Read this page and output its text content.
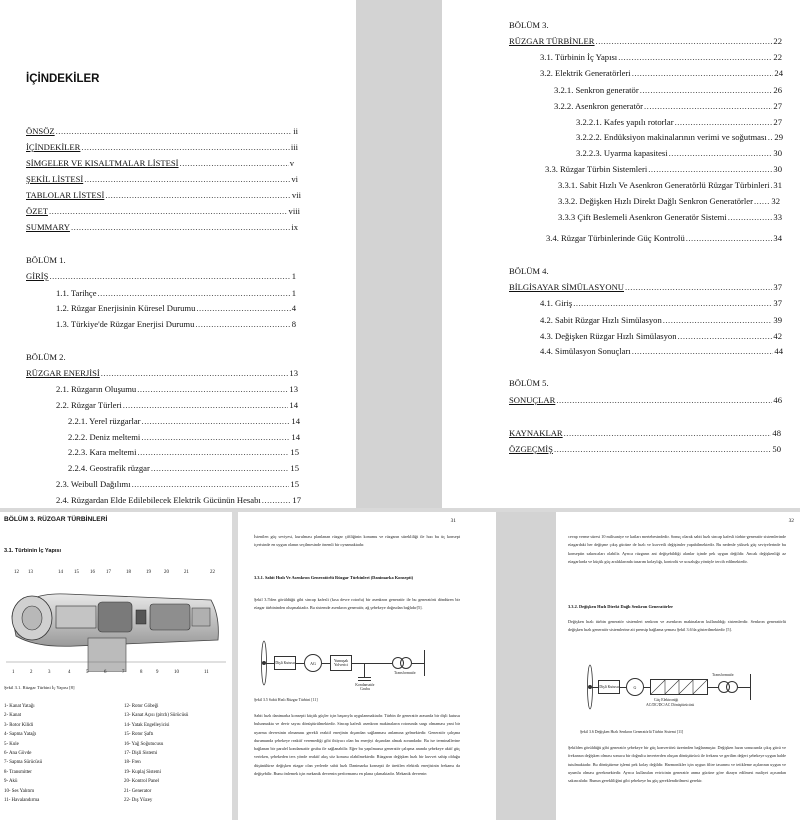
İÇİNDEKİLER
ÖNSÖZ .....	ii
İÇİNDEKİLER .....	iii
SİMGELER VE KISALTMALAR LİSTESİ .....	v
ŞEKİL LİSTESİ .....	vi
TABLOLAR LİSTESİ .....	vii
ÖZET .....	viii
SUMMARY .....	ix
BÖLÜM 1.
GİRİŞ .....	1
1.1. Tarihçe .....	1
1.2. Rüzgar Enerjisinin Küresel Durumu .....	4
1.3. Türkiye'de Rüzgar Enerjisi Durumu .....	8
BÖLÜM 2.
RÜZGAR ENERJİSİ .....	13
2.1. Rüzgarın Oluşumu .....	13
2.2. Rüzgar Türleri .....	14
2.2.1. Yerel rüzgarlar .....	14
2.2.2. Deniz meltemi .....	14
2.2.3. Kara meltemi .....	15
2.2.4. Geostrafik rüzgar .....	15
2.3. Weibull Dağılımı .....	15
2.4. Rüzgardan Elde Edilebilecek Elektrik Gücünün Hesabı .....	17
BÖLÜM 3.
RÜZGAR TÜRBİNLER .....	22
3.1. Türbinin İç Yapısı .....	22
3.2. Elektrik Generatörleri .....	24
3.2.1. Senkron generatör .....	26
3.2.2. Asenkron generatör .....	27
3.2.2.1. Kafes yapılı rotorlar .....	27
3.2.2.2. Endüksiyon makinalarının verimi ve soğutması ..... 29
3.2.2.3. Uyarma kapasitesi .....	30
3.3. Rüzgar Türbin Sistemleri .....	30
3.3.1. Sabit Hızlı Ve Asenkron Generatörlü Rüzgar Türbinleri ..... 31
3.3.2. Değişken Hızlı Direkt Dağlı Senkron Generatörler ..... 32
3.3.3 Çift Beslemeli Asenkron Generatör Sistemi .....	33
3.4. Rüzgar Türbinlerinde Güç Kontrolü .....	34
BÖLÜM 4.
BİLGİSAYAR SİMÜLASYONU .....	37
4.1. Giriş .....	37
4.2. Sabit Rüzgar Hızlı Simülasyon .....	39
4.3. Değişken Rüzgar Hızlı Simülasyon .....	42
4.4. Simülasyon Sonuçları .....	44
BÖLÜM 5.
SONUÇLAR .....	46
KAYNAKLAR .....	48
ÖZGEÇMİŞ .....	50
BÖLÜM 3. RÜZGAR TÜRBİNLERİ
3.1. Türbinin İç Yapısı
12 13	14 15 16 17	18	19	20	21	22
1	2	3	4	5	6	7	8	9	10	11
Şekil 3.1. Rüzgar Türbini İç Yapısı [8]
1- Kanat Yatağı
2- Kanat
3- Rotor Kilidi
4- Sapma Yatağı
5- Kule
6- Ana Gövde
7- Sapma Sürücüsü
8- Transmitter
9- Akü
10- Ses Yalıtım
11- Havalandırma
12- Rotor Göbeği
13- Kanat Açısı (pitch) Sürücüsü
14- Yatak Engelleyicisi
15- Rotor Şaftı
16- Yağ Soğutucusu
17- Dişli Sistemi
18- Fren
19- Kuplaj Sistemi
20- Kontrol Panel
21- Generator
22- Dış Yüzey
31
İstenilen güç seviyesi, kurulması planlanan rüzgar çiftliğinin konumu ve rüzgarın sürekliliği ile hızı bu üç konsept içerisinde en uygun olanın seçilmesinde önemli bir oynamaktadır.
3.3.1. Sabit Hızlı Ve Asenkron Generatörlü Rüzgar Türbinleri (Danimarka Konsepti)
Şekil 3.5'den görüldüğü gibi sincap kafesli (kısa devre rotorlu) bir asenkron generatör ile bu generatörü döndüren bir rüzgar türbininden oluşmaktadır. Bu sistemde asenkron generatör, ağ şebekeye doğrudan bağlıdır[5].
Dişli Kutusu	AG	Yumuşak Yolverici
Kondansatör Grubu
Transformatör
Şekil 3.5 Sabit Hızlı Rüzgar Türbini [11]
Sabit hızlı danimarka konsepti küçük güçler için başarıyla uygulanmaktadır. Türbin ile generatör arasında bir dişli kutusu bulunmakta ve devir sayısı dönüştürülmektedir. Sincap kafesli asenkron makinaların rotorunda sargı olmaması yani bir uyarma devresinin olmaması gerekli reaktif enerjinin dışarıdan sağlanması anlamına gelmektedir. Generatör çalışma durumunda şebekeye reaktif veremediği gibi ihtiyacı olan bu enerjiyi dışarıdan almak zorundadır. Bu ise terminallerine bağlanan bir paralel kondansatör grubu ile sağlanabilir. Eğer bu yapılmazsa generatör çalışma anında şebekeye aktif güç verirken, şebekeden ters yönde reaktif akış söz konusu olabilmektedir. Rüzgarın değişken hızlı bir kuvvet sahip olduğu düşünülürse değişken rüzgar olan yerlerde sabit hızlı Danimarka konsepti ile üretilen elektrik enerjisinin frekansı da değişebilir. Bunu önlemek için mekanik devrenin performansı en plana çıkmaktadır. Mekanik devrenin
32
cevap verme süresi 10 milisaniye ve katları mertebesindedir. Sonuç olarak sabit hızlı sincap kafesli türbin-generatör sistemlerinde rüzgardaki her değişme çıkış gücüne de hızlı ve kuvvetli değişimler yapabilmektedir. Bu nedenle yüksek güç seviyelerinde bu konseptin sakıncaları olabilir. Ayrıca rüzgarın ani değişebildiği alanlar içinde pek uygun değildir. Ancak değişkenliği az rüzgarlarda ve küçük güç aralıklarında tasarım kolaylığı, kontrolü ve ucuzluğu yönüyle tercih edilmektedir.
3.3.2. Değişken Hızlı Direkt Dağlı Senkron Generatörler
Değişken hızlı türbin generatör sistemleri senkron ve asenkron makinaların kullanıldığı sistemlerdir. Senkron generatörlü değişken hızlı generatör sistemlerine ait prensip bağlama şeması Şekil 3.6'da gösterilmektedir [5].
Dişli Kutusu	G
Güç Elektroniği
AC/DC/DC/AC Dönüştürücüsü
Transformatör
Şekil 3.6 Değişken Hızlı Senkron Generatörlü Türbin Sistemi [11]
Şekilden görüldüğü gibi generatör şebekeye bir güç konvertörü üzerinden bağlanmıştır. Değişken hızın sonucunda çıkış gücü ve frekansın değişken olması sonucu bir doğrultu inverterden oluşan dönüştürücü ile frekans ve gerilim değeri şebekeye uygun halde tutulmaktadır. Bu dönüştürme işlemi pek kolay değildir. Harmonikler için uygun filtre tasarımı ve tetikleme açılarının uygun ve uyumlu olması gerekmektedir. Ayrıca kullanılan eviricinin generatör anma gücüne göre dizayn edilmesi maliyet açısından sakıncalıdır. Bunun gerekliliğini gibi şebekeye bu güç gereklendirilmesi gerekir.
